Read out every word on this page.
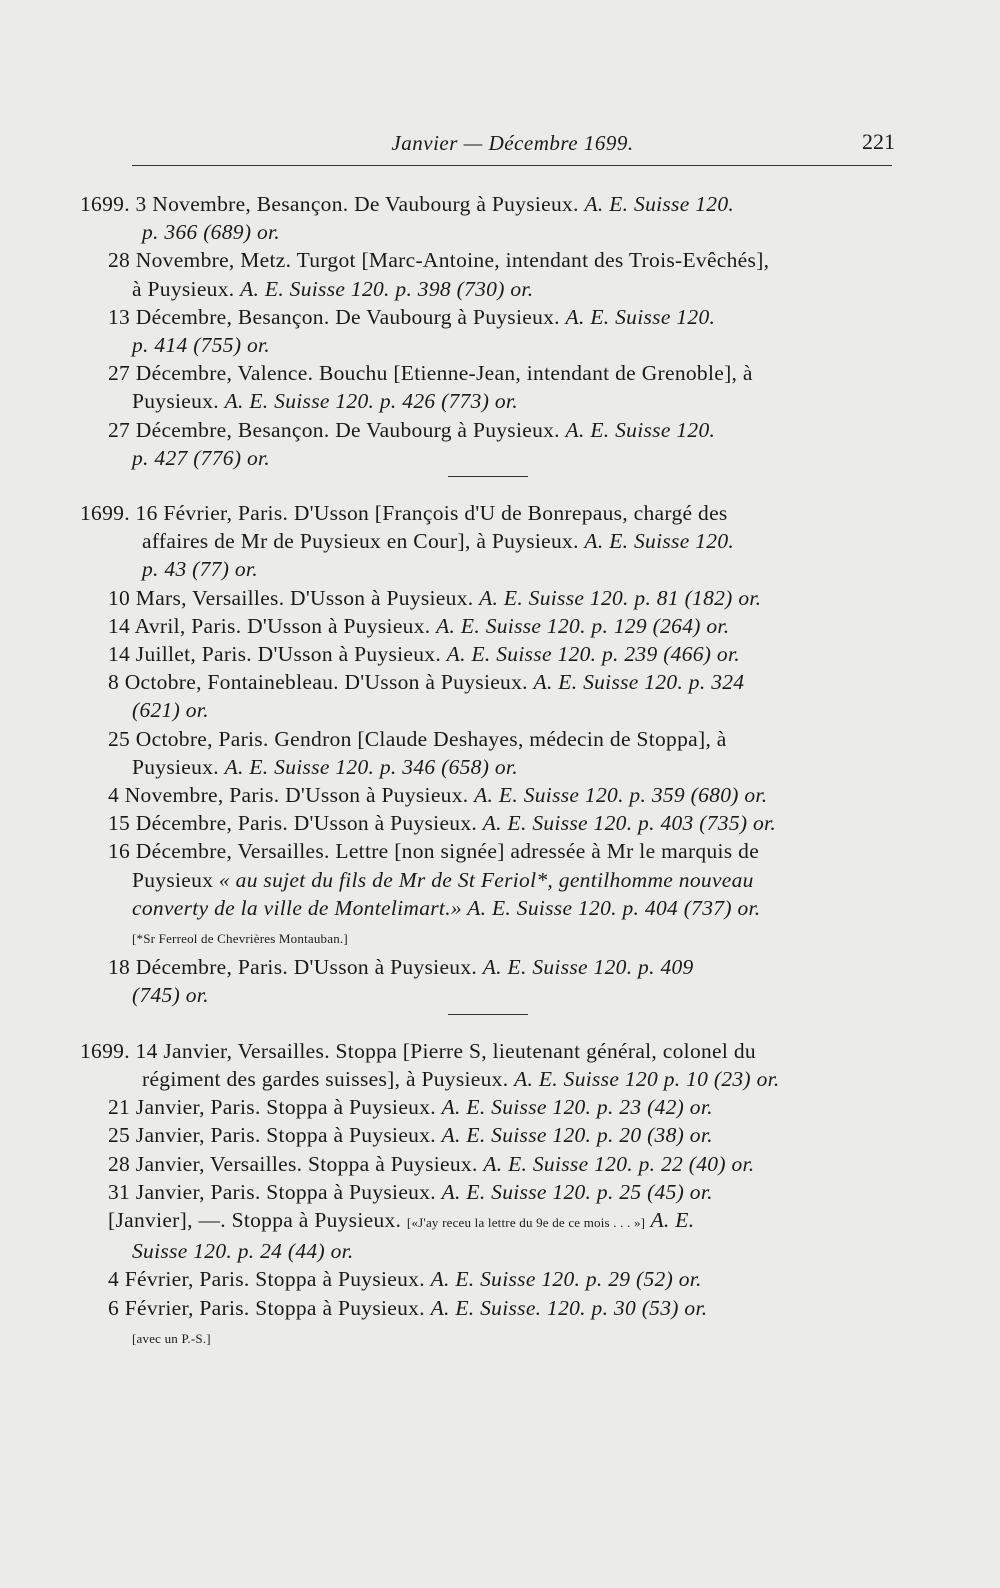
Janvier — Décembre 1699.	221

1699. 3 Novembre, Besançon. De Vaubourg à Puysieux. A. E. Suisse 120.
p. 366 (689) or.

28 Novembre, Metz. Turgot [Marc-Antoine, intendant des Trois-Evêchés],
à Puysieux. A. E. Suisse 120. p. 398 (730) or.

13 Décembre, Besançon. De Vaubourg à Puysieux. A. E. Suisse 120.
p. 414 (755) or.

27 Décembre, Valence. Bouchu [Etienne-Jean, intendant de Grenoble], à
Puysieux. A. E. Suisse 120. p. 426 (773) or.

27 Décembre, Besançon. De Vaubourg à Puysieux. A. E. Suisse 120.
p. 427 (776) or.

1699. 16 Février, Paris. D'Usson [François d'U de Bonrepaus, chargé des
affaires de Mr de Puysieux en Cour], à Puysieux. A. E. Suisse 120.
p. 43 (77) or.

10 Mars, Versailles. D'Usson à Puysieux. A. E. Suisse 120. p. 81 (182) or.

14 Avril, Paris. D'Usson à Puysieux. A. E. Suisse 120. p. 129 (264) or.

14 Juillet, Paris. D'Usson à Puysieux. A. E. Suisse 120. p. 239 (466) or.

8 Octobre, Fontainebleau. D'Usson à Puysieux. A. E. Suisse 120. p. 324
(621) or.

25 Octobre, Paris. Gendron [Claude Deshayes, médecin de Stoppa], à
Puysieux. A. E. Suisse 120. p. 346 (658) or.

4 Novembre, Paris. D'Usson à Puysieux. A. E. Suisse 120. p. 359 (680) or.

15 Décembre, Paris. D'Usson à Puysieux. A. E. Suisse 120. p. 403 (735) or.

16 Décembre, Versailles. Lettre [non signée] adressée à Mr le marquis de
Puysieux « au sujet du fils de Mr de St Feriol*, gentilhomme nouveau
converty de la ville de Montelimart.» A. E. Suisse 120. p. 404 (737) or.
[*Sr Ferreol de Chevrières Montauban.]

18 Décembre, Paris. D'Usson à Puysieux. A. E. Suisse 120. p. 409
(745) or.

1699. 14 Janvier, Versailles. Stoppa [Pierre S, lieutenant général, colonel du
régiment des gardes suisses], à Puysieux. A. E. Suisse 120 p. 10 (23) or.

21 Janvier, Paris. Stoppa à Puysieux. A. E. Suisse 120. p. 23 (42) or.

25 Janvier, Paris. Stoppa à Puysieux. A. E. Suisse 120. p. 20 (38) or.

28 Janvier, Versailles. Stoppa à Puysieux. A. E. Suisse 120. p. 22 (40) or.

31 Janvier, Paris. Stoppa à Puysieux. A. E. Suisse 120. p. 25 (45) or.

[Janvier], —. Stoppa à Puysieux. [«J'ay receu la lettre du 9e de ce mois . . . »] A. E.
Suisse 120. p. 24 (44) or.

4 Février, Paris. Stoppa à Puysieux. A. E. Suisse 120. p. 29 (52) or.

6 Février, Paris. Stoppa à Puysieux. A. E. Suisse. 120. p. 30 (53) or.
[avec un P.-S.]
